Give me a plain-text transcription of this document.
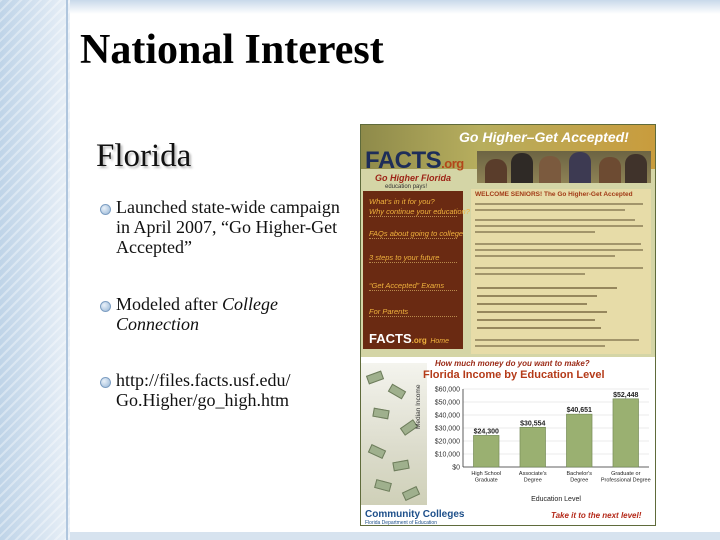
National Interest
Florida
Launched state-wide campaign in April 2007, “Go Higher-Get Accepted”
Modeled after College Connection
http://files.facts.usf.edu/ Go.Higher/go_high.htm
Go Higher–Get Accepted!
FACTS.org
Go Higher Florida
education pays!
What’s in it for you?
Why continue your education?
FAQs about going to college
3 steps to your future
“Get Accepted” Exams
For Parents
FACTS.org Home
WELCOME SENIORS! The Go Higher-Get Accepted
How much money do you want to make?
Florida Income by Education Level
Median Income
$0
$10,000
$20,000
$30,000
$40,000
$50,000
$60,000
$24,300
High School Graduate
$30,554
Associate's Degree
$40,651
Bachelor's Degree
$52,448
Graduate or Professional Degree
Education Level
Community Colleges
Florida Department of Education
Take it to the next level!
